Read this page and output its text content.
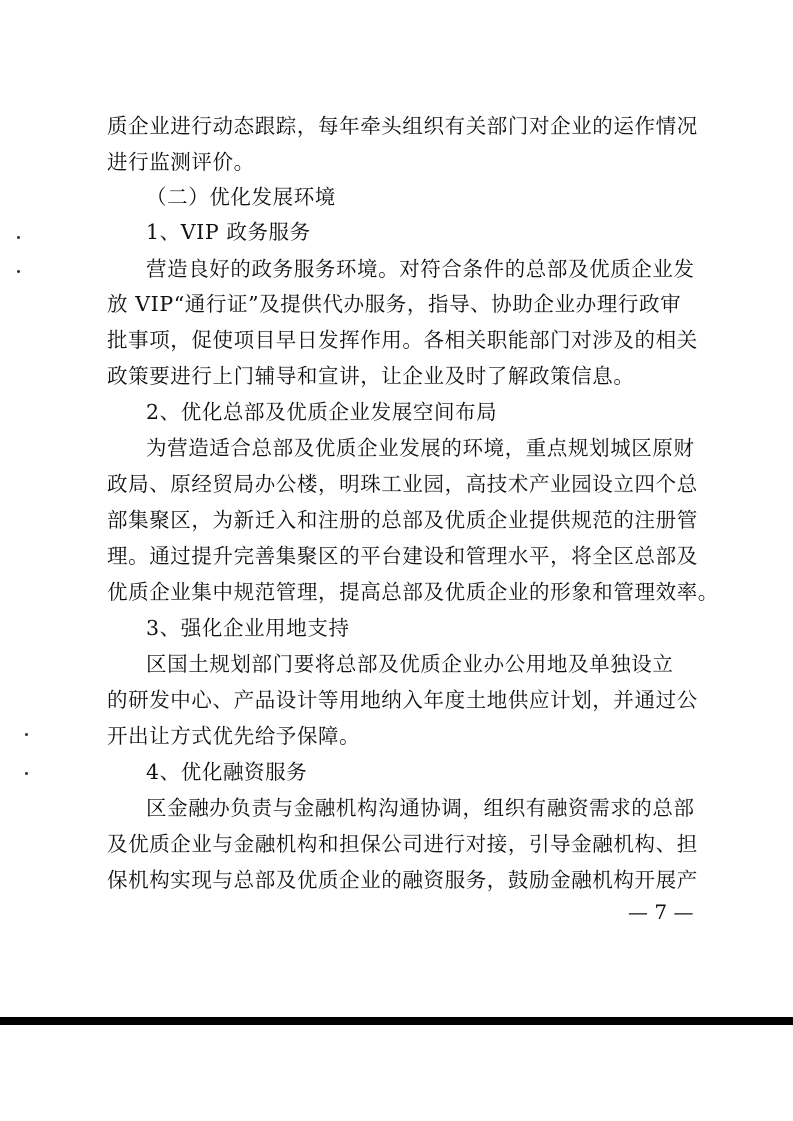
质企业进行动态跟踪，每年牵头组织有关部门对企业的运作情况
进行监测评价。
（二）优化发展环境
1、VIP 政务服务
营造良好的政务服务环境。对符合条件的总部及优质企业发
放 VIP“通行证”及提供代办服务，指导、协助企业办理行政审
批事项，促使项目早日发挥作用。各相关职能部门对涉及的相关
政策要进行上门辅导和宣讲，让企业及时了解政策信息。
2、优化总部及优质企业发展空间布局
为营造适合总部及优质企业发展的环境，重点规划城区原财
政局、原经贸局办公楼，明珠工业园，高技术产业园设立四个总
部集聚区，为新迁入和注册的总部及优质企业提供规范的注册管
理。通过提升完善集聚区的平台建设和管理水平，将全区总部及
优质企业集中规范管理，提高总部及优质企业的形象和管理效率。
3、强化企业用地支持
区国土规划部门要将总部及优质企业办公用地及单独设立
的研发中心、产品设计等用地纳入年度土地供应计划，并通过公
开出让方式优先给予保障。
4、优化融资服务
区金融办负责与金融机构沟通协调，组织有融资需求的总部
及优质企业与金融机构和担保公司进行对接，引导金融机构、担
保机构实现与总部及优质企业的融资服务，鼓励金融机构开展产
— 7 —
